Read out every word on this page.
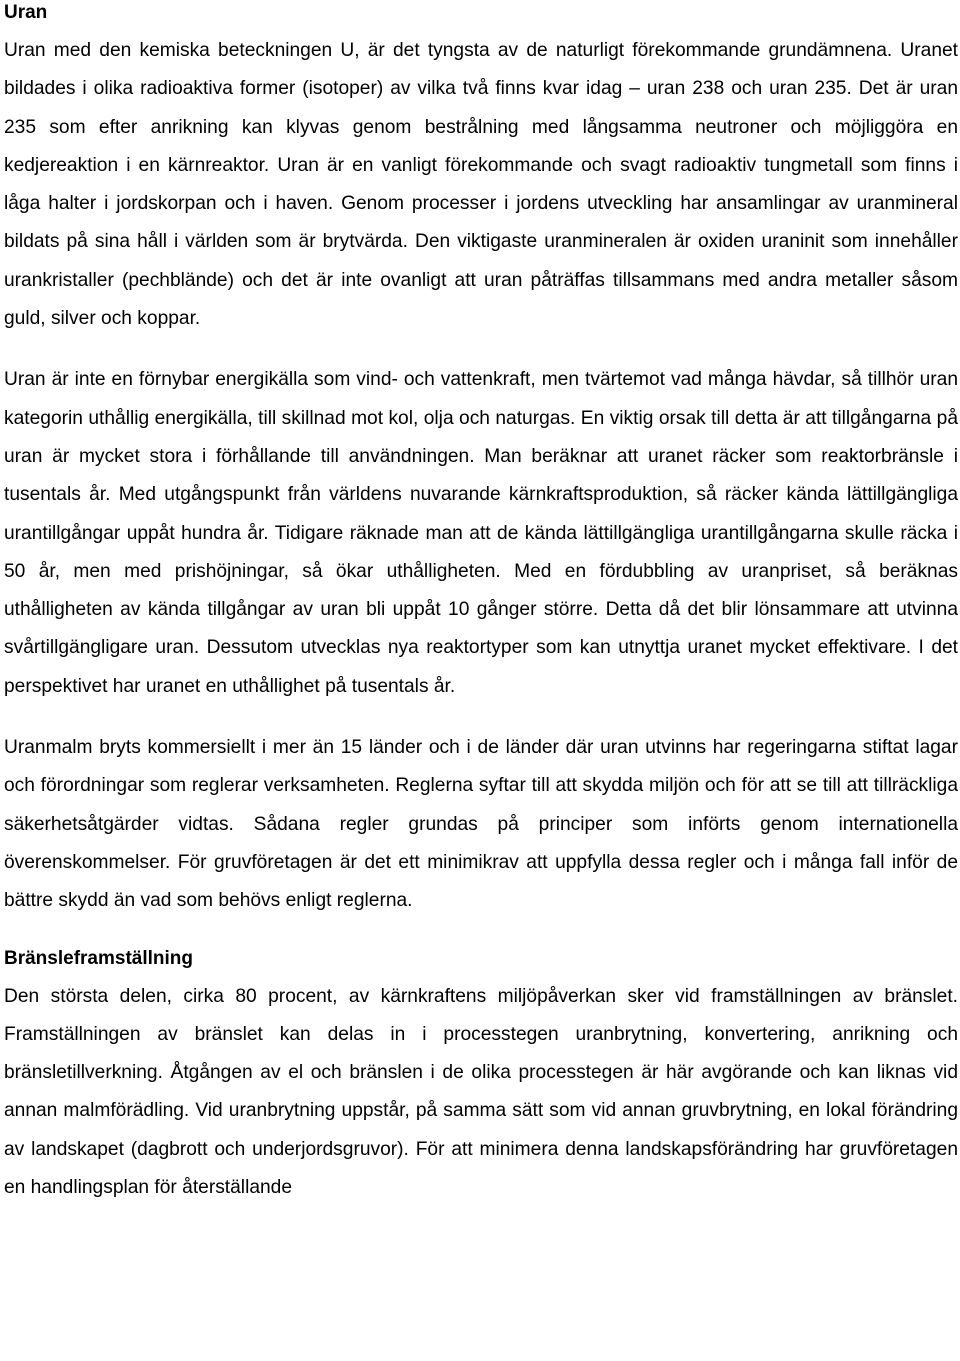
Uran

Uran med den kemiska beteckningen U, är det tyngsta av de naturligt förekommande grundämnena. Uranet bildades i olika radioaktiva former (isotoper) av vilka två finns kvar idag – uran 238 och uran 235. Det är uran 235 som efter anrikning kan klyvas genom bestrålning med långsamma neutroner och möjliggöra en kedjereaktion i en kärnreaktor. Uran är en vanligt förekommande och svagt radioaktiv tungmetall som finns i låga halter i jordskorpan och i haven. Genom processer i jordens utveckling har ansamlingar av uranmineral bildats på sina håll i världen som är brytvärda. Den viktigaste uranmineralen är oxiden uraninit som innehåller urankristaller (pechblände) och det är inte ovanligt att uran påträffas tillsammans med andra metaller såsom guld, silver och koppar.

Uran är inte en förnybar energikälla som vind- och vattenkraft, men tvärtemot vad många hävdar, så tillhör uran kategorin uthållig energikälla, till skillnad mot kol, olja och naturgas. En viktig orsak till detta är att tillgångarna på uran är mycket stora i förhållande till användningen. Man beräknar att uranet räcker som reaktorbränsle i tusentals år. Med utgångspunkt från världens nuvarande kärnkraftsproduktion, så räcker kända lättillgängliga urantillgångar uppåt hundra år. Tidigare räknade man att de kända lättillgängliga urantillgångarna skulle räcka i 50 år, men med prishöjningar, så ökar uthålligheten. Med en fördubbling av uranpriset, så beräknas uthålligheten av kända tillgångar av uran bli uppåt 10 gånger större. Detta då det blir lönsammare att utvinna svårtillgängligare uran. Dessutom utvecklas nya reaktortyper som kan utnyttja uranet mycket effektivare. I det perspektivet har uranet en uthållighet på tusentals år.

Uranmalm bryts kommersiellt i mer än 15 länder och i de länder där uran utvinns har regeringarna stiftat lagar och förordningar som reglerar verksamheten. Reglerna syftar till att skydda miljön och för att se till att tillräckliga säkerhetsåtgärder vidtas. Sådana regler grundas på principer som införts genom internationella överenskommelser. För gruvföretagen är det ett minimikrav att uppfylla dessa regler och i många fall inför de bättre skydd än vad som behövs enligt reglerna.

Bränsleframställning

Den största delen, cirka 80 procent, av kärnkraftens miljöpåverkan sker vid framställningen av bränslet. Framställningen av bränslet kan delas in i processtegen uranbrytning, konvertering, anrikning och bränsletillverkning. Åtgången av el och bränslen i de olika processtegen är här avgörande och kan liknas vid annan malmförädling. Vid uranbrytning uppstår, på samma sätt som vid annan gruvbrytning, en lokal förändring av landskapet (dagbrott och underjordsgruvor). För att minimera denna landskapsförändring har gruvföretagen en handlingsplan för återställande
